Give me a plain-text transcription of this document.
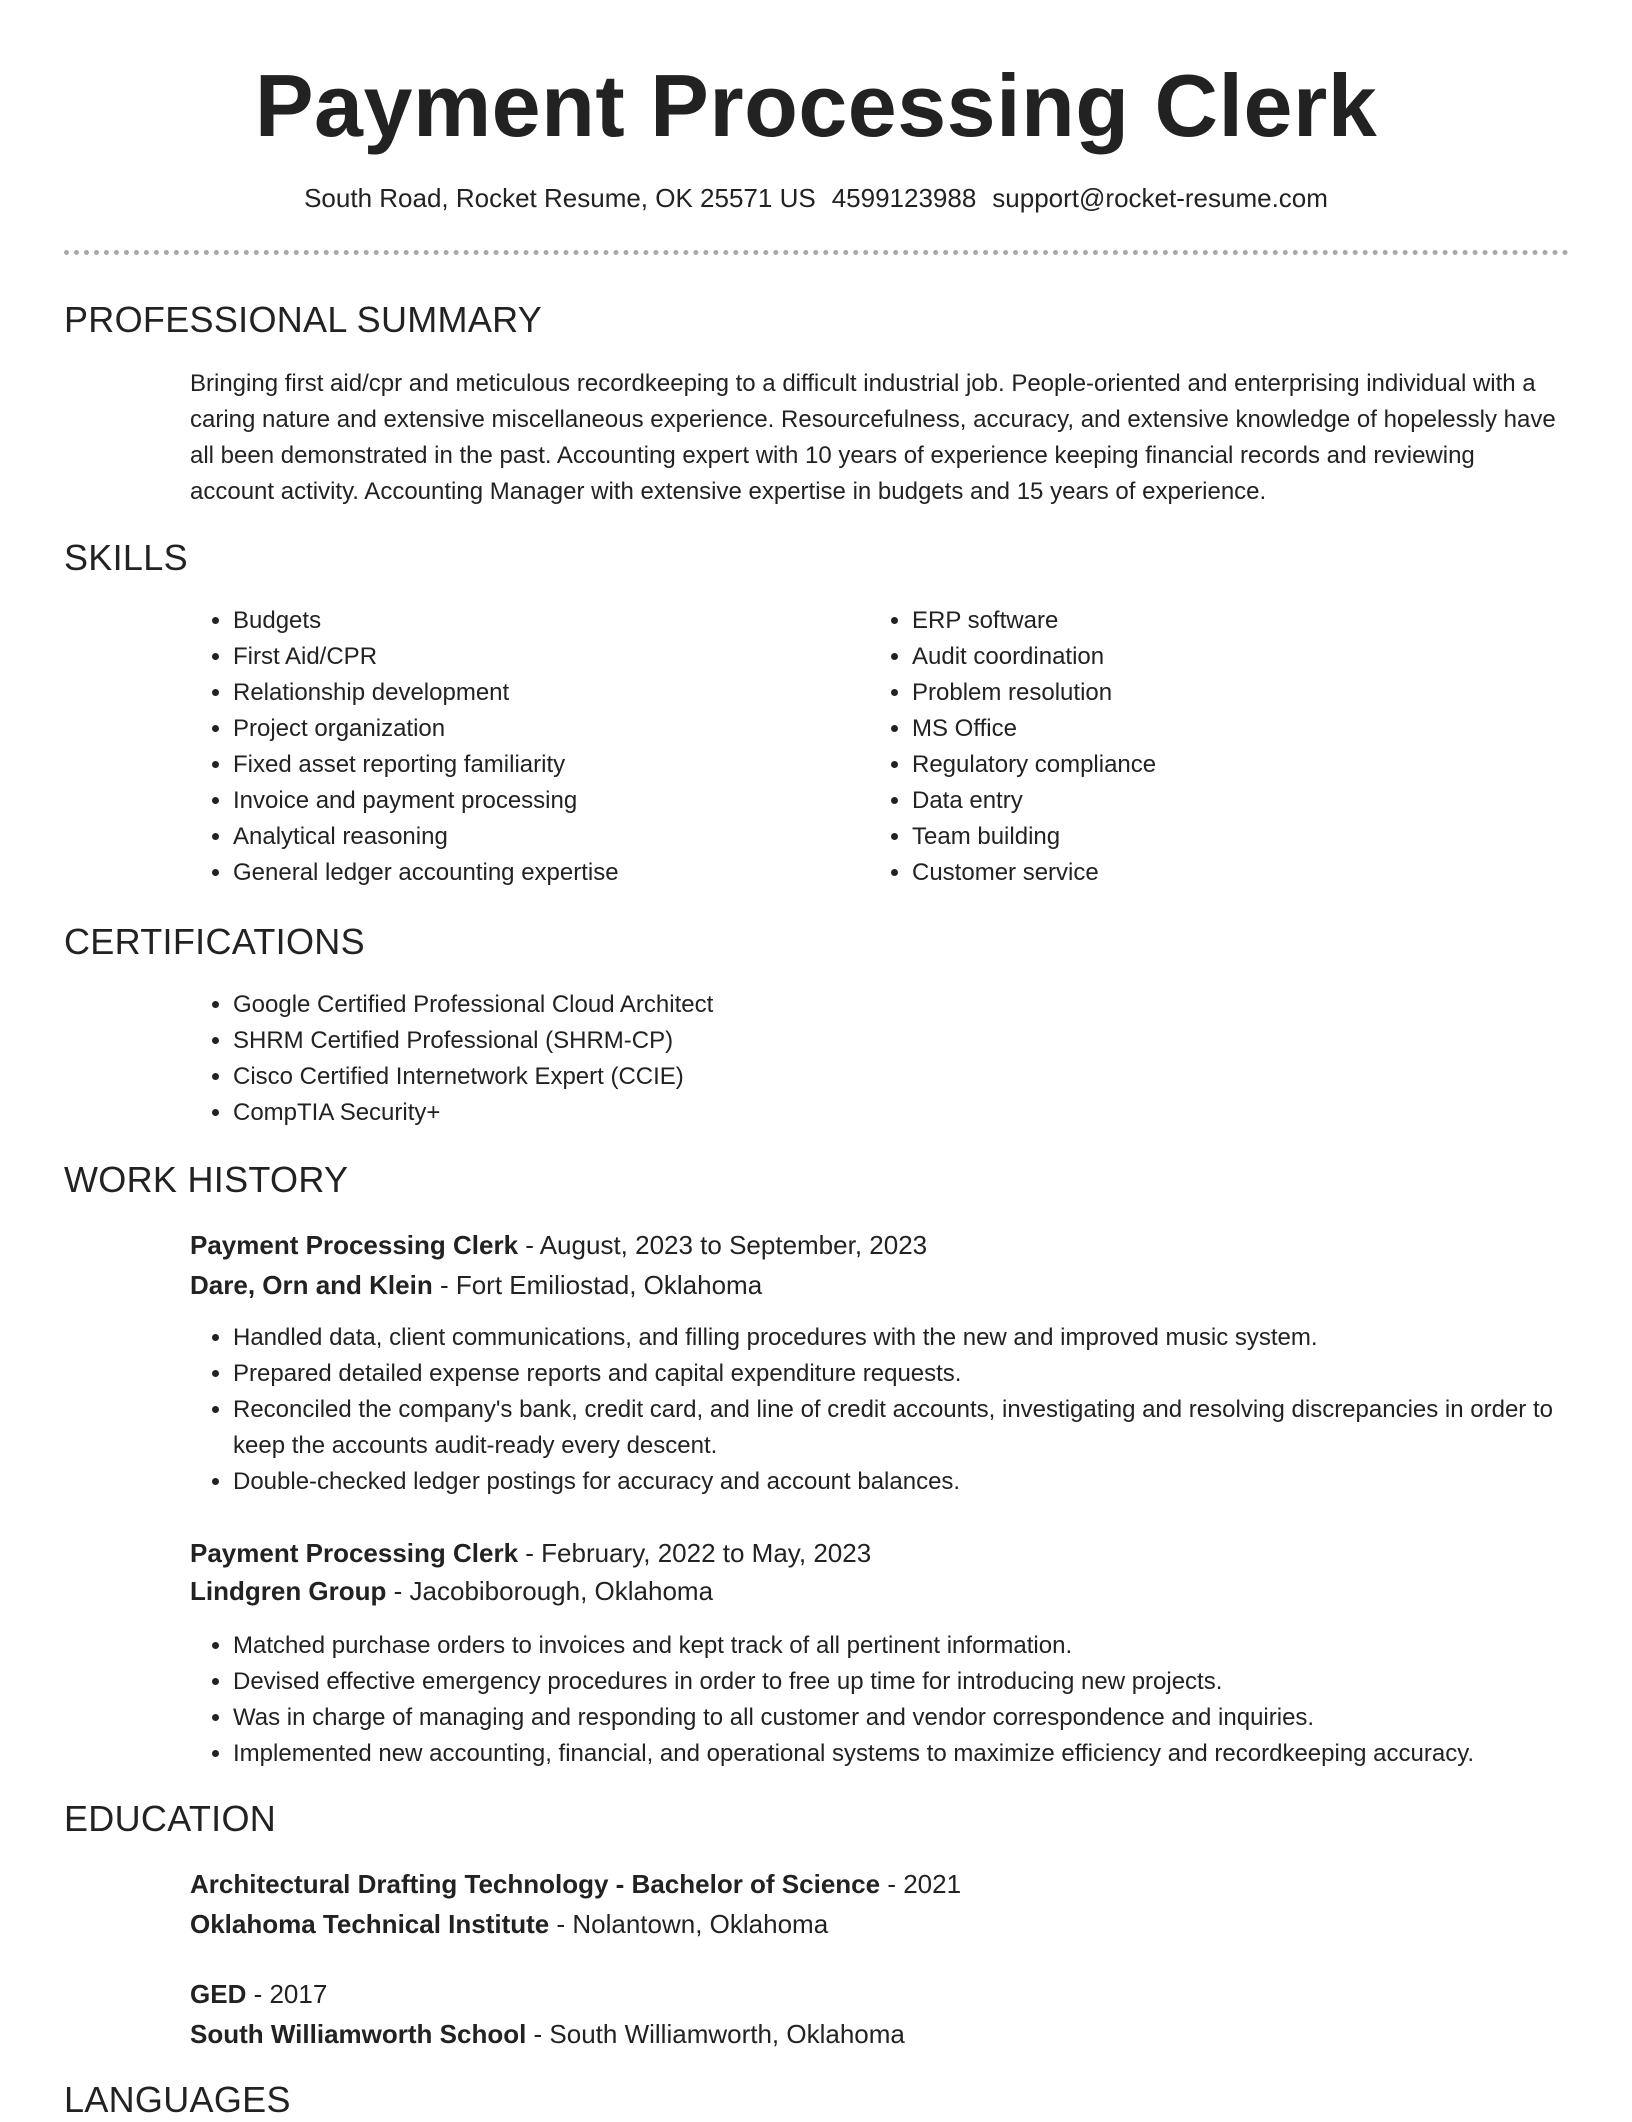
Payment Processing Clerk
South Road, Rocket Resume, OK 25571 US 4599123988 support@rocket-resume.com
PROFESSIONAL SUMMARY

Bringing first aid/cpr and meticulous recordkeeping to a difficult industrial job. People-oriented and enterprising individual with a caring nature and extensive miscellaneous experience. Resourcefulness, accuracy, and extensive knowledge of hopelessly have all been demonstrated in the past. Accounting expert with 10 years of experience keeping financial records and reviewing account activity. Accounting Manager with extensive expertise in budgets and 15 years of experience.

SKILLS
• Budgets
• First Aid/CPR
• Relationship development
• Project organization
• Fixed asset reporting familiarity
• Invoice and payment processing
• Analytical reasoning
• General ledger accounting expertise
• ERP software
• Audit coordination
• Problem resolution
• MS Office
• Regulatory compliance
• Data entry
• Team building
• Customer service
CERTIFICATIONS
• Google Certified Professional Cloud Architect
• SHRM Certified Professional (SHRM-CP)
• Cisco Certified Internetwork Expert (CCIE)
• CompTIA Security+
WORK HISTORY
Payment Processing Clerk - August, 2023 to September, 2023
Dare, Orn and Klein - Fort Emiliostad, Oklahoma
• Handled data, client communications, and filling procedures with the new and improved music system.
• Prepared detailed expense reports and capital expenditure requests.
• Reconciled the company's bank, credit card, and line of credit accounts, investigating and resolving discrepancies in order to keep the accounts audit-ready every descent.
• Double-checked ledger postings for accuracy and account balances.
Payment Processing Clerk - February, 2022 to May, 2023
Lindgren Group - Jacobiborough, Oklahoma
• Matched purchase orders to invoices and kept track of all pertinent information.
• Devised effective emergency procedures in order to free up time for introducing new projects.
• Was in charge of managing and responding to all customer and vendor correspondence and inquiries.
• Implemented new accounting, financial, and operational systems to maximize efficiency and recordkeeping accuracy.
EDUCATION
Architectural Drafting Technology - Bachelor of Science - 2021
Oklahoma Technical Institute - Nolantown, Oklahoma
GED - 2017
South Williamworth School - South Williamworth, Oklahoma
LANGUAGES
